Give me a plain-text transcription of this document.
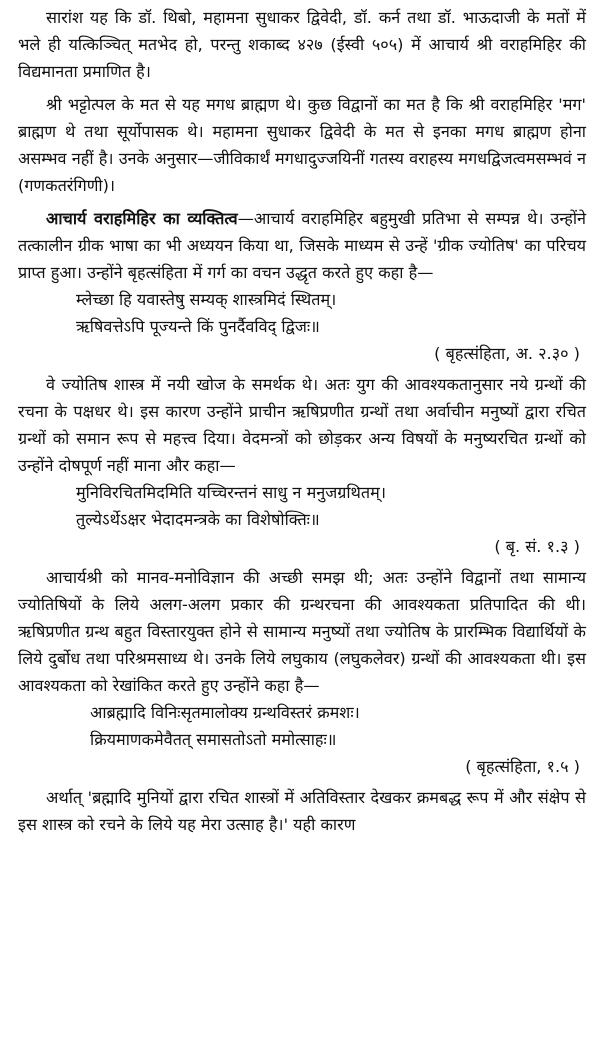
सारांश यह कि डॉ. थिबो, महामना सुधाकर द्विवेदी, डॉ. कर्न तथा डॉ. भाऊदाजी के मतों में भले ही यत्किञ्चित् मतभेद हो, परन्तु शकाब्द ४२७ (ईस्वी ५०५) में आचार्य श्री वराहमिहिर की विद्यमानता प्रमाणित है।

श्री भट्टोत्पल के मत से यह मगध ब्राह्मण थे। कुछ विद्वानों का मत है कि श्री वराहमिहिर 'मग' ब्राह्मण थे तथा सूर्योपासक थे। महामना सुधाकर द्विवेदी के मत से इनका मगध ब्राह्मण होना असम्भव नहीं है। उनके अनुसार—जीविकार्थं मगधादुज्जयिनीं गतस्य वराहस्य मगधद्विजत्वमसम्भवं न (गणकतरंगिणी)।

आचार्य वराहमिहिर का व्यक्तित्व—आचार्य वराहमिहिर बहुमुखी प्रतिभा से सम्पन्न थे। उन्होंने तत्कालीन ग्रीक भाषा का भी अध्ययन किया था, जिसके माध्यम से उन्हें 'ग्रीक ज्योतिष' का परिचय प्राप्त हुआ। उन्होंने बृहत्संहिता में गर्ग का वचन उद्धृत करते हुए कहा है—

म्लेच्छा हि यवास्तेषु सम्यक् शास्त्रमिदं स्थितम्।

ऋषिवत्तेऽपि पूज्यन्ते किं पुनर्दैवविद् द्विजः॥

( बृहत्संहिता, अ. २.३० )

वे ज्योतिष शास्त्र में नयी खोज के समर्थक थे। अतः युग की आवश्यकतानुसार नये ग्रन्थों की रचना के पक्षधर थे। इस कारण उन्होंने प्राचीन ऋषिप्रणीत ग्रन्थों तथा अर्वाचीन मनुष्यों द्वारा रचित ग्रन्थों को समान रूप से महत्त्व दिया। वेदमन्त्रों को छोड़कर अन्य विषयों के मनुष्यरचित ग्रन्थों को उन्होंने दोषपूर्ण नहीं माना और कहा—

मुनिविरचितमिदमिति यच्चिरन्तनं साधु न मनुजग्रथितम्।

तुल्येऽर्थेऽक्षर भेदादमन्त्रके का विशेषोक्तिः॥

( बृ. सं. १.३ )

आचार्यश्री को मानव-मनोविज्ञान की अच्छी समझ थी; अतः उन्होंने विद्वानों तथा सामान्य ज्योतिषियों के लिये अलग-अलग प्रकार की ग्रन्थरचना की आवश्यकता प्रतिपादित की थी। ऋषिप्रणीत ग्रन्थ बहुत विस्तारयुक्त होने से सामान्य मनुष्यों तथा ज्योतिष के प्रारम्भिक विद्यार्थियों के लिये दुर्बोध तथा परिश्रमसाध्य थे। उनके लिये लघुकाय (लघुकलेवर) ग्रन्थों की आवश्यकता थी। इस आवश्यकता को रेखांकित करते हुए उन्होंने कहा है—

आब्रह्मादि विनिःसृतमालोक्य ग्रन्थविस्तरं क्रमशः।

क्रियमाणकमेवैतत् समासतोऽतो ममोत्साहः॥

( बृहत्संहिता, १.५ )

अर्थात् 'ब्रह्मादि मुनियों द्वारा रचित शास्त्रों में अतिविस्तार देखकर क्रमबद्ध रूप में और संक्षेप से इस शास्त्र को रचने के लिये यह मेरा उत्साह है।' यही कारण
